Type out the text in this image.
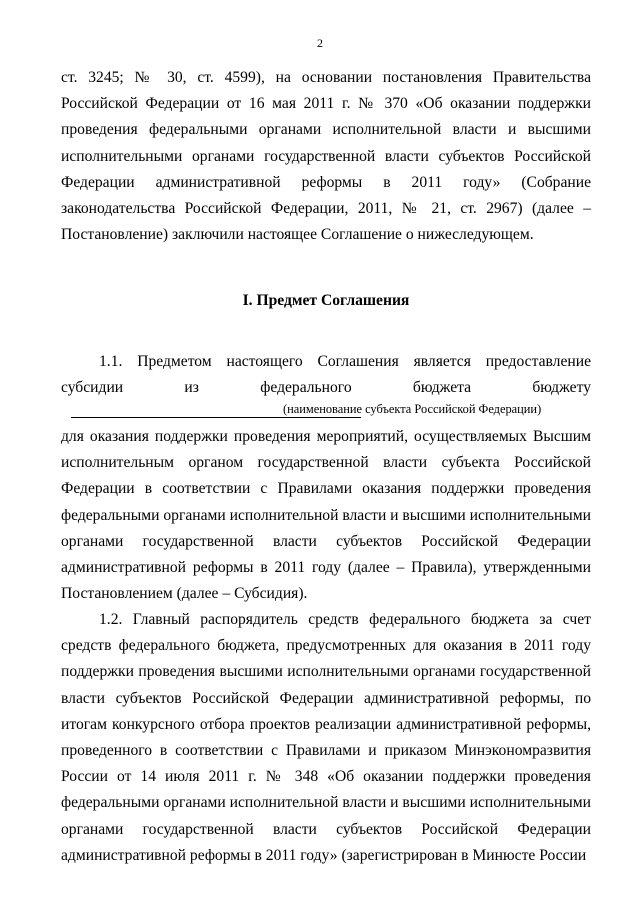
2

ст. 3245; № 30, ст. 4599), на основании постановления Правительства Российской Федерации от 16 мая 2011 г. № 370 «Об оказании поддержки проведения федеральными органами исполнительной власти и высшими исполнительными органами государственной власти субъектов Российской Федерации административной реформы в 2011 году» (Собрание законодательства Российской Федерации, 2011, № 21, ст. 2967) (далее – Постановление) заключили настоящее Соглашение о нижеследующем.

I. Предмет Соглашения

1.1. Предметом настоящего Соглашения является предоставление субсидии из федерального бюджета бюджету

(наименование субъекта Российской Федерации)

для оказания поддержки проведения мероприятий, осуществляемых Высшим исполнительным органом государственной власти субъекта Российской Федерации в соответствии с Правилами оказания поддержки проведения федеральными органами исполнительной власти и высшими исполнительными органами государственной власти субъектов Российской Федерации административной реформы в 2011 году (далее – Правила), утвержденными Постановлением (далее – Субсидия).

1.2. Главный распорядитель средств федерального бюджета за счет средств федерального бюджета, предусмотренных для оказания в 2011 году поддержки проведения высшими исполнительными органами государственной власти субъектов Российской Федерации административной реформы, по итогам конкурсного отбора проектов реализации административной реформы, проведенного в соответствии с Правилами и приказом Минэкономразвития России от 14 июля 2011 г. № 348 «Об оказании поддержки проведения федеральными органами исполнительной власти и высшими исполнительными органами государственной власти субъектов Российской Федерации административной реформы в 2011 году» (зарегистрирован в Минюсте России
